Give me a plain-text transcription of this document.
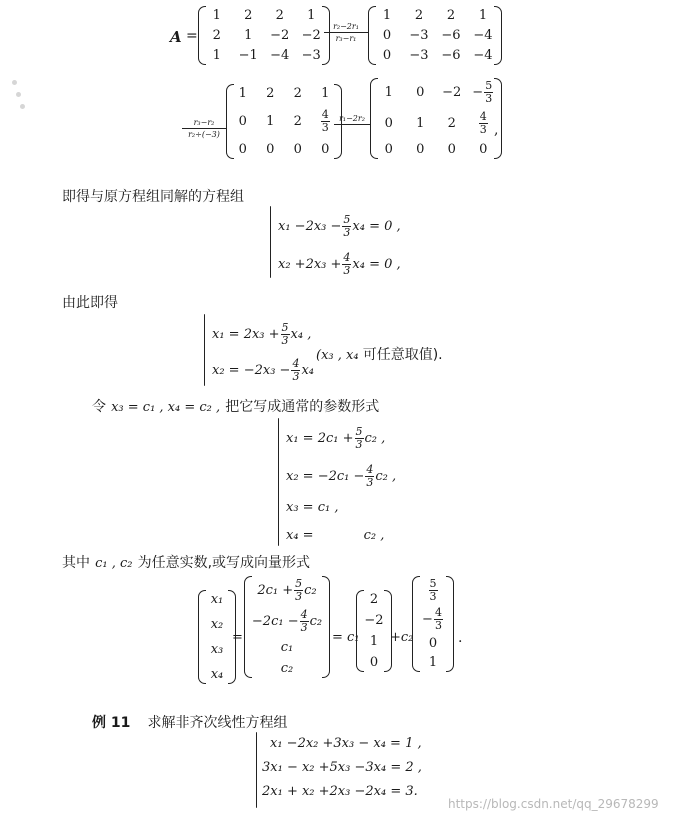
A =
1 2 2 1
2 1 −2 −2
1 −1 −4 −3
r₂−2r₁
r₃−r₁
1 2 2 1
0 −3 −6 −4
0 −3 −6 −4
r₃−r₂
r₂÷(−3)
1 2 2 1
0 1 $2 \frac{4}{3}$
0 0 0 0
r₁−2r₂
1 $0 -2 - \frac{5}{3}$
0 1 $2 \frac{4}{3}$
0 0 0 0
,
即得与原方程组同解的方程组
$x_1 -2x_3 - \frac{5}{3} x_4 = 0$ ,
$x_2 +2x_3 + \frac{4}{3} x_4 = 0$ ,
由此即得
$x_1 = 2x_3 + \frac{5}{3} x_4$ ,
$x_2 = -2x_3 - \frac{4}{3} x_4$
(x₃ , x₄ 可任意取值).
令 x₃ = c₁ , x₄ = c₂ , 把它写成通常的参数形式
$x_1 = 2c_1 + \frac{5}{3} c_2$ ,
$x_2 = -2c_1 - \frac{4}{3} c_2$ ,
x₃ = c₁ ,
x₄ =	c₂ ,
其中 c₁ , c₂ 为任意实数,或写成向量形式
x₁
x₂
x₃
x₄
=
$2c_1 + \frac{5}{3} c_2$
$-2c_1 - \frac{4}{3} c_2$
c₁
c₂
= c₁
2
−2
1
0
+c₂
$\frac{5}{3}$
− $\frac{4}{3}$
0
1
.
例 11 求解非齐次线性方程组
x₁ −2x₂ +3x₃ − x₄ = 1 ,
3x₁ − x₂ +5x₃ −3x₄ = 2 ,
2x₁ + x₂ +2x₃ −2x₄ = 3.
https://blog.csdn.net/qq_29678299
